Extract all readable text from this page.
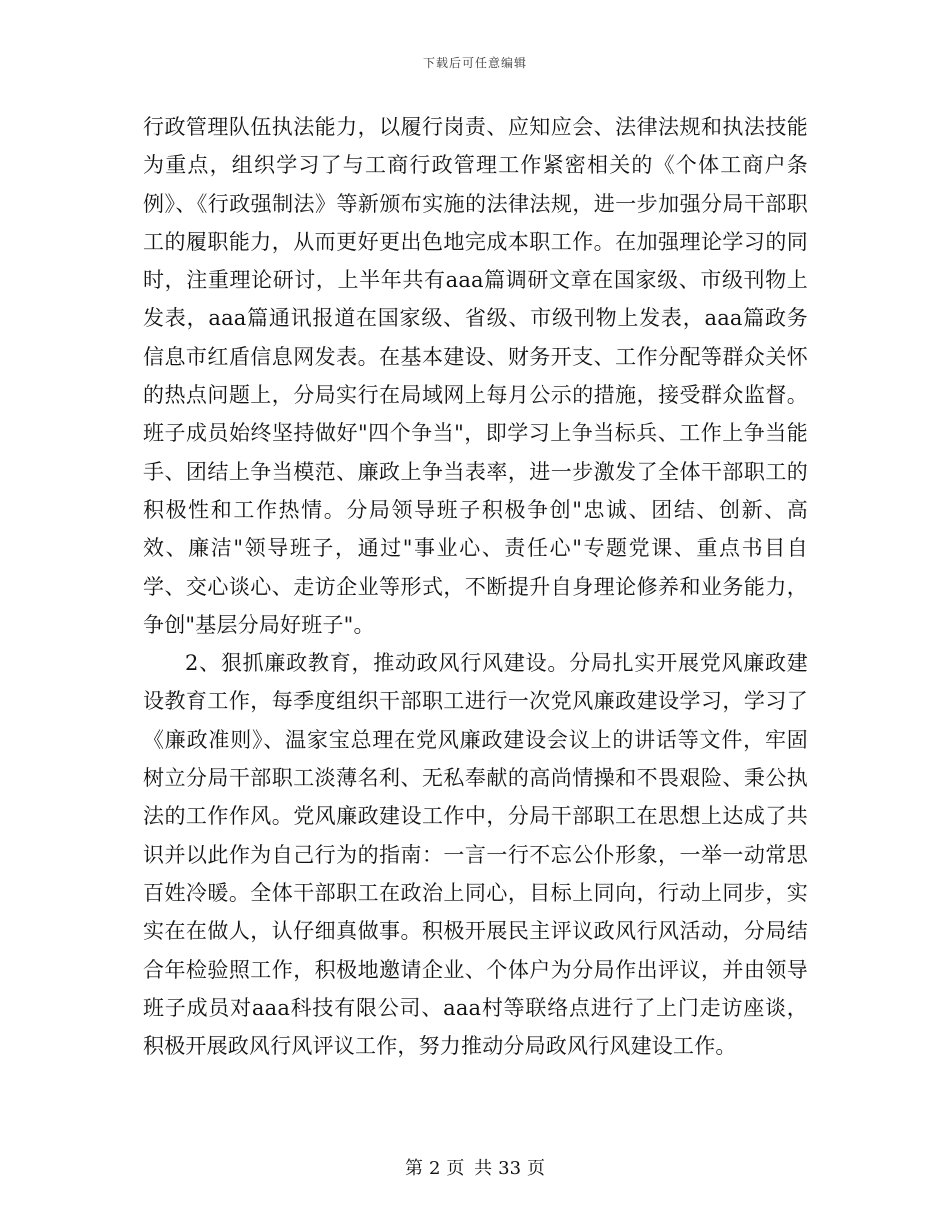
下载后可任意编辑

行政管理队伍执法能力，以履行岗责、应知应会、法律法规和执法技能为重点，组织学习了与工商行政管理工作紧密相关的《个体工商户条例》、《行政强制法》等新颁布实施的法律法规，进一步加强分局干部职工的履职能力，从而更好更出色地完成本职工作。在加强理论学习的同时，注重理论研讨，上半年共有aaa篇调研文章在国家级、市级刊物上发表，aaa篇通讯报道在国家级、省级、市级刊物上发表，aaa篇政务信息市红盾信息网发表。在基本建设、财务开支、工作分配等群众关怀的热点问题上，分局实行在局域网上每月公示的措施，接受群众监督。班子成员始终坚持做好"四个争当"，即学习上争当标兵、工作上争当能手、团结上争当模范、廉政上争当表率，进一步激发了全体干部职工的积极性和工作热情。分局领导班子积极争创"忠诚、团结、创新、高效、廉洁"领导班子，通过"事业心、责任心"专题党课、重点书目自学、交心谈心、走访企业等形式，不断提升自身理论修养和业务能力，争创"基层分局好班子"。

2、狠抓廉政教育，推动政风行风建设。分局扎实开展党风廉政建设教育工作，每季度组织干部职工进行一次党风廉政建设学习，学习了《廉政准则》、温家宝总理在党风廉政建设会议上的讲话等文件，牢固树立分局干部职工淡薄名利、无私奉献的高尚情操和不畏艰险、秉公执法的工作作风。党风廉政建设工作中，分局干部职工在思想上达成了共识并以此作为自己行为的指南：一言一行不忘公仆形象，一举一动常思百姓冷暖。全体干部职工在政治上同心，目标上同向，行动上同步，实实在在做人，认仔细真做事。积极开展民主评议政风行风活动，分局结合年检验照工作，积极地邀请企业、个体户为分局作出评议，并由领导班子成员对aaa科技有限公司、aaa村等联络点进行了上门走访座谈，积极开展政风行风评议工作，努力推动分局政风行风建设工作。

第 2 页 共 33 页
